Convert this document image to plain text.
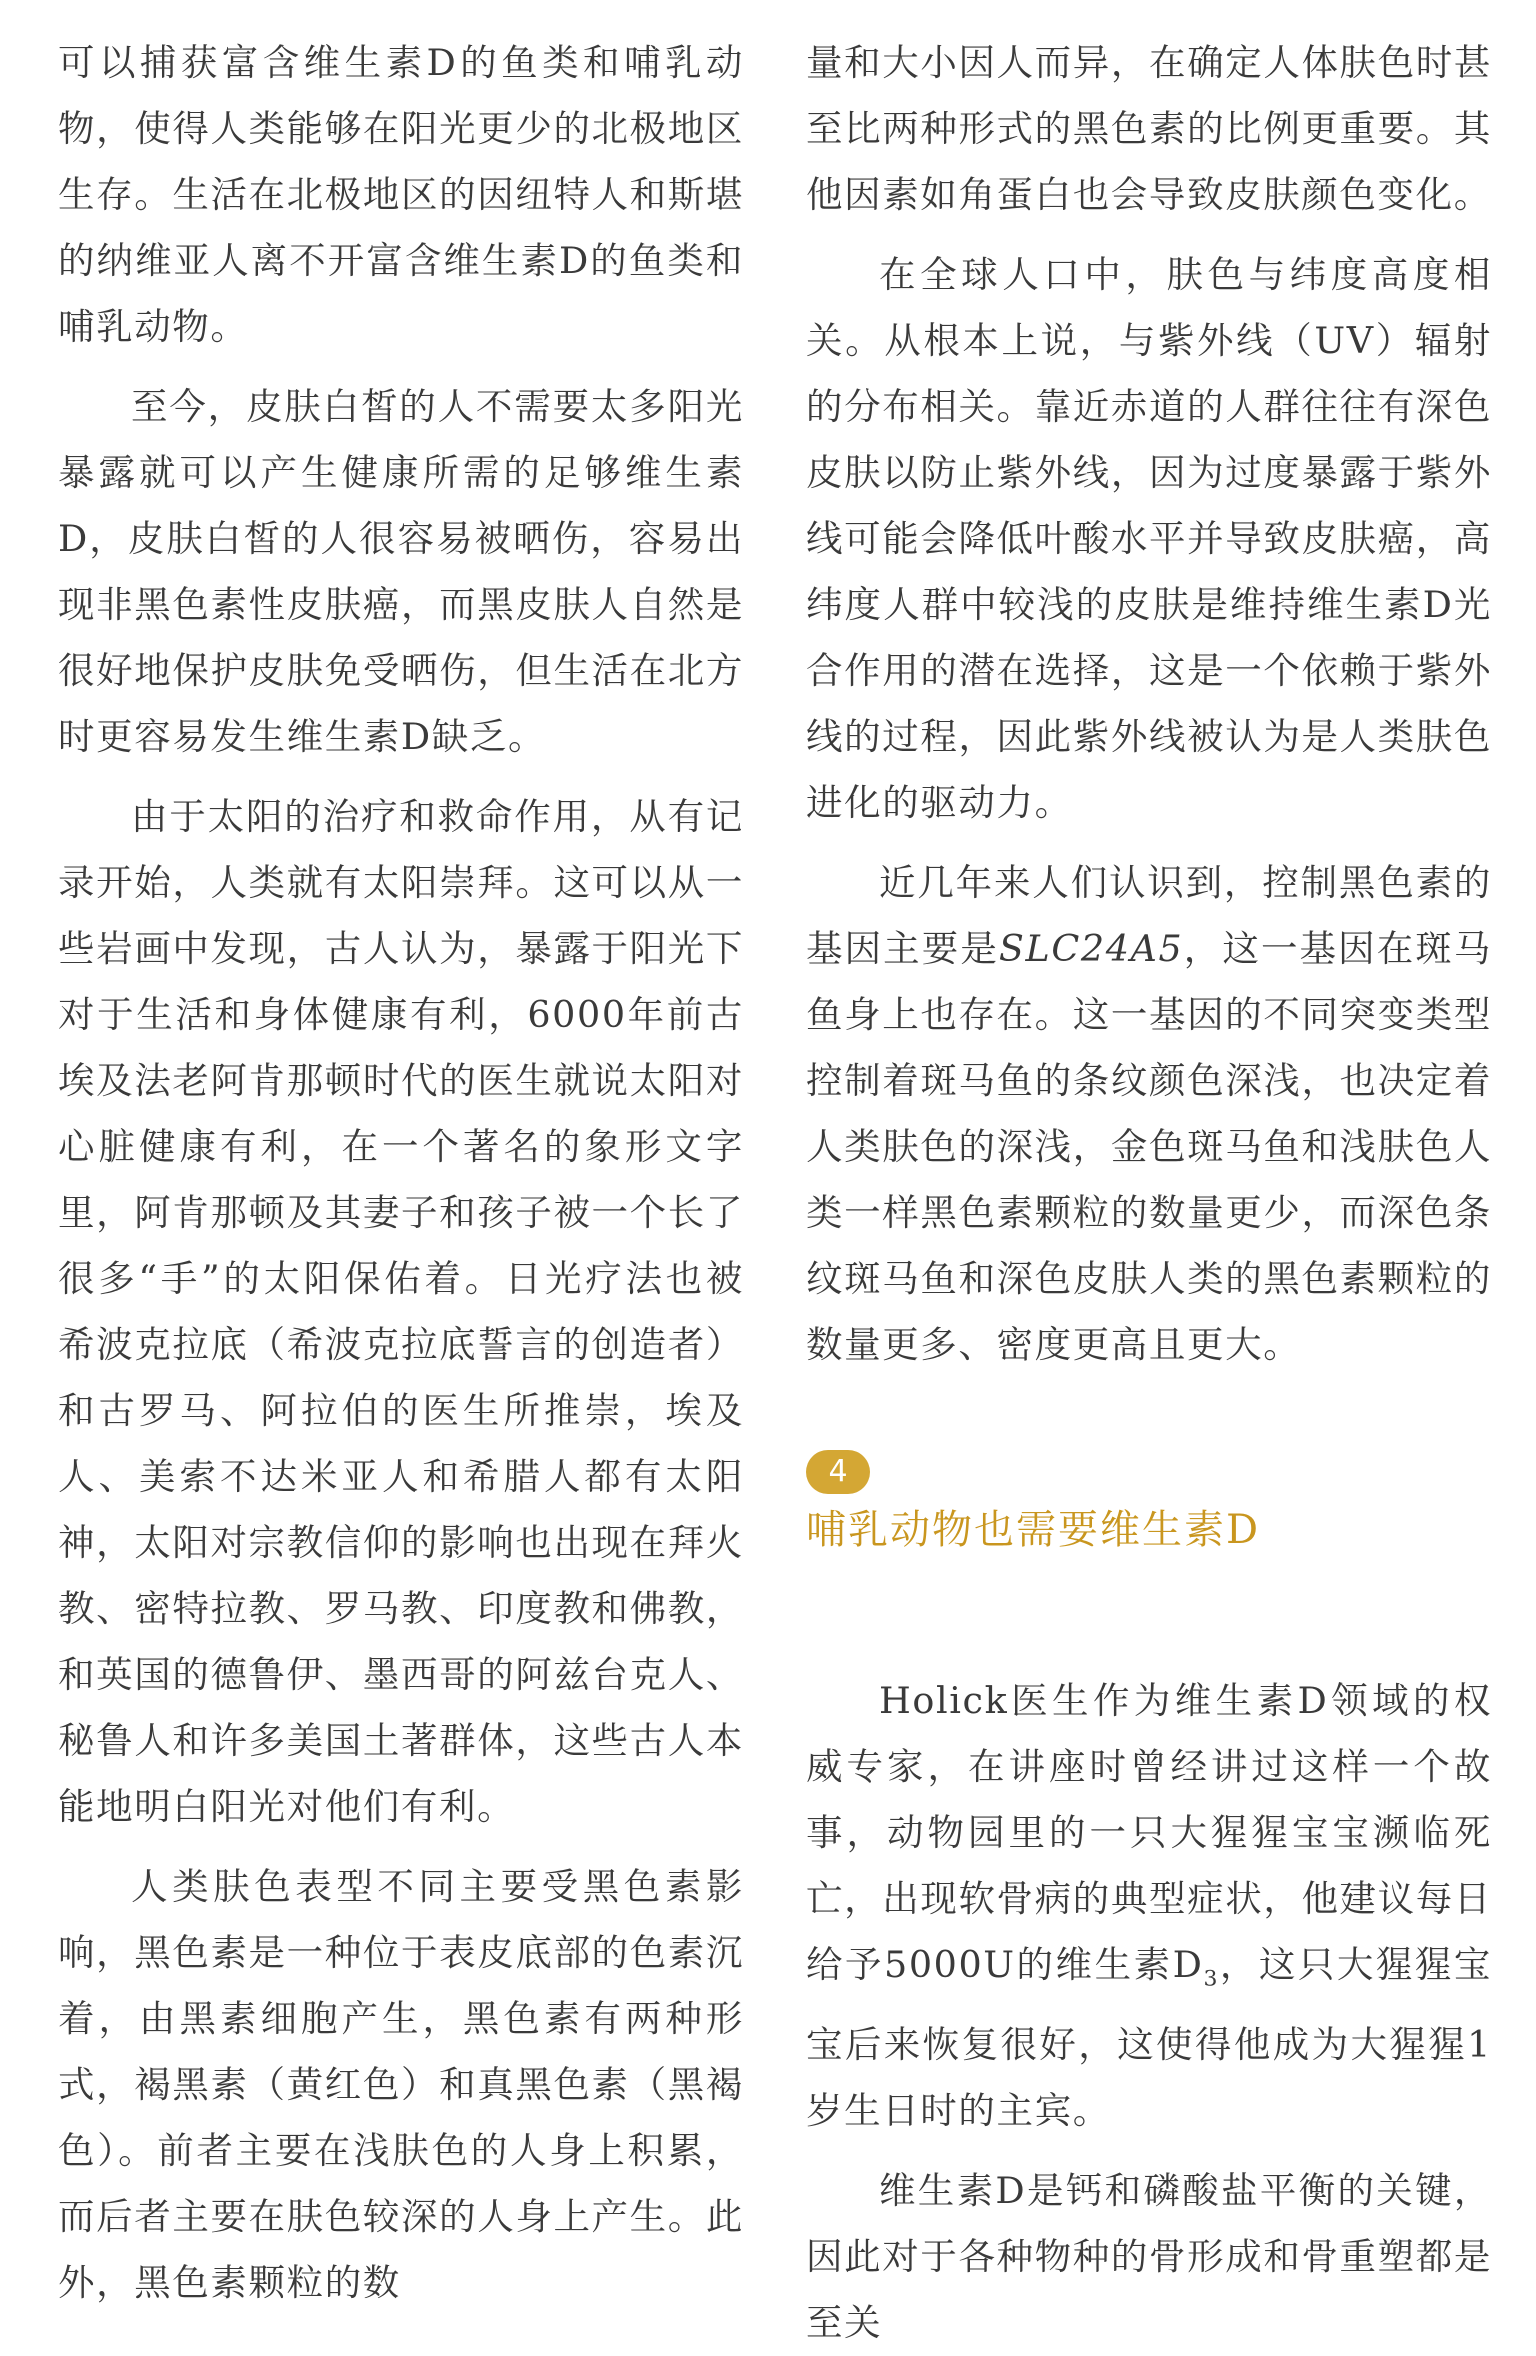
可以捕获富含维生素D的鱼类和哺乳动物，使得人类能够在阳光更少的北极地区生存。生活在北极地区的因纽特人和斯堪的纳维亚人离不开富含维生素D的鱼类和哺乳动物。

至今，皮肤白皙的人不需要太多阳光暴露就可以产生健康所需的足够维生素D，皮肤白皙的人很容易被晒伤，容易出现非黑色素性皮肤癌，而黑皮肤人自然是很好地保护皮肤免受晒伤，但生活在北方时更容易发生维生素D缺乏。

由于太阳的治疗和救命作用，从有记录开始，人类就有太阳崇拜。这可以从一些岩画中发现，古人认为，暴露于阳光下对于生活和身体健康有利，6000年前古埃及法老阿肯那顿时代的医生就说太阳对心脏健康有利，在一个著名的象形文字里，阿肯那顿及其妻子和孩子被一个长了很多“手”的太阳保佑着。日光疗法也被希波克拉底（希波克拉底誓言的创造者）和古罗马、阿拉伯的医生所推崇，埃及人、美索不达米亚人和希腊人都有太阳神，太阳对宗教信仰的影响也出现在拜火教、密特拉教、罗马教、印度教和佛教，和英国的德鲁伊、墨西哥的阿兹台克人、秘鲁人和许多美国土著群体，这些古人本能地明白阳光对他们有利。

人类肤色表型不同主要受黑色素影响，黑色素是一种位于表皮底部的色素沉着，由黑素细胞产生，黑色素有两种形式，褐黑素（黄红色）和真黑色素（黑褐色）。前者主要在浅肤色的人身上积累，而后者主要在肤色较深的人身上产生。此外，黑色素颗粒的数

量和大小因人而异，在确定人体肤色时甚至比两种形式的黑色素的比例更重要。其他因素如角蛋白也会导致皮肤颜色变化。

在全球人口中，肤色与纬度高度相关。从根本上说，与紫外线（UV）辐射的分布相关。靠近赤道的人群往往有深色皮肤以防止紫外线，因为过度暴露于紫外线可能会降低叶酸水平并导致皮肤癌，高纬度人群中较浅的皮肤是维持维生素D光合作用的潜在选择，这是一个依赖于紫外线的过程，因此紫外线被认为是人类肤色进化的驱动力。

近几年来人们认识到，控制黑色素的基因主要是SLC24A5，这一基因在斑马鱼身上也存在。这一基因的不同突变类型控制着斑马鱼的条纹颜色深浅，也决定着人类肤色的深浅，金色斑马鱼和浅肤色人类一样黑色素颗粒的数量更少，而深色条纹斑马鱼和深色皮肤人类的黑色素颗粒的数量更多、密度更高且更大。

4
哺乳动物也需要维生素D

Holick医生作为维生素D领域的权威专家，在讲座时曾经讲过这样一个故事，动物园里的一只大猩猩宝宝濒临死亡，出现软骨病的典型症状，他建议每日给予5000U的维生素$D_3$，这只大猩猩宝宝后来恢复很好，这使得他成为大猩猩1岁生日时的主宾。

维生素D是钙和磷酸盐平衡的关键，因此对于各种物种的骨形成和骨重塑都是至关
